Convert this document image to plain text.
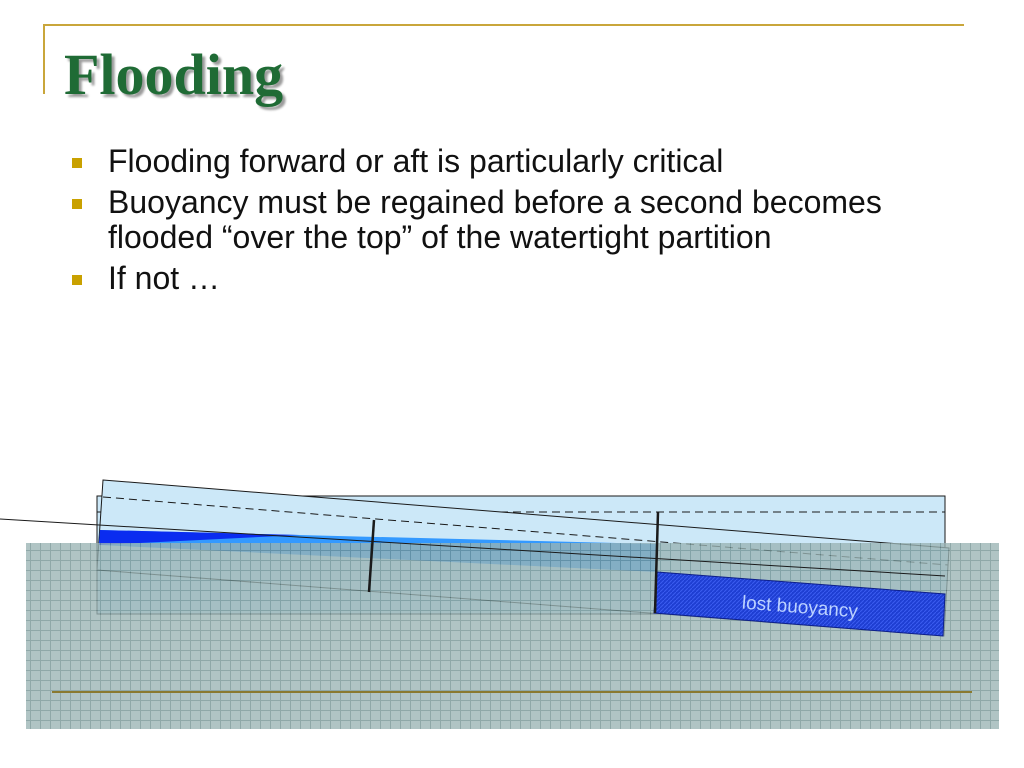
Flooding
Flooding forward or aft is particularly critical
Buoyancy must be regained before a second becomes flooded “over the top” of the watertight partition
If not …
lost buoyancy
